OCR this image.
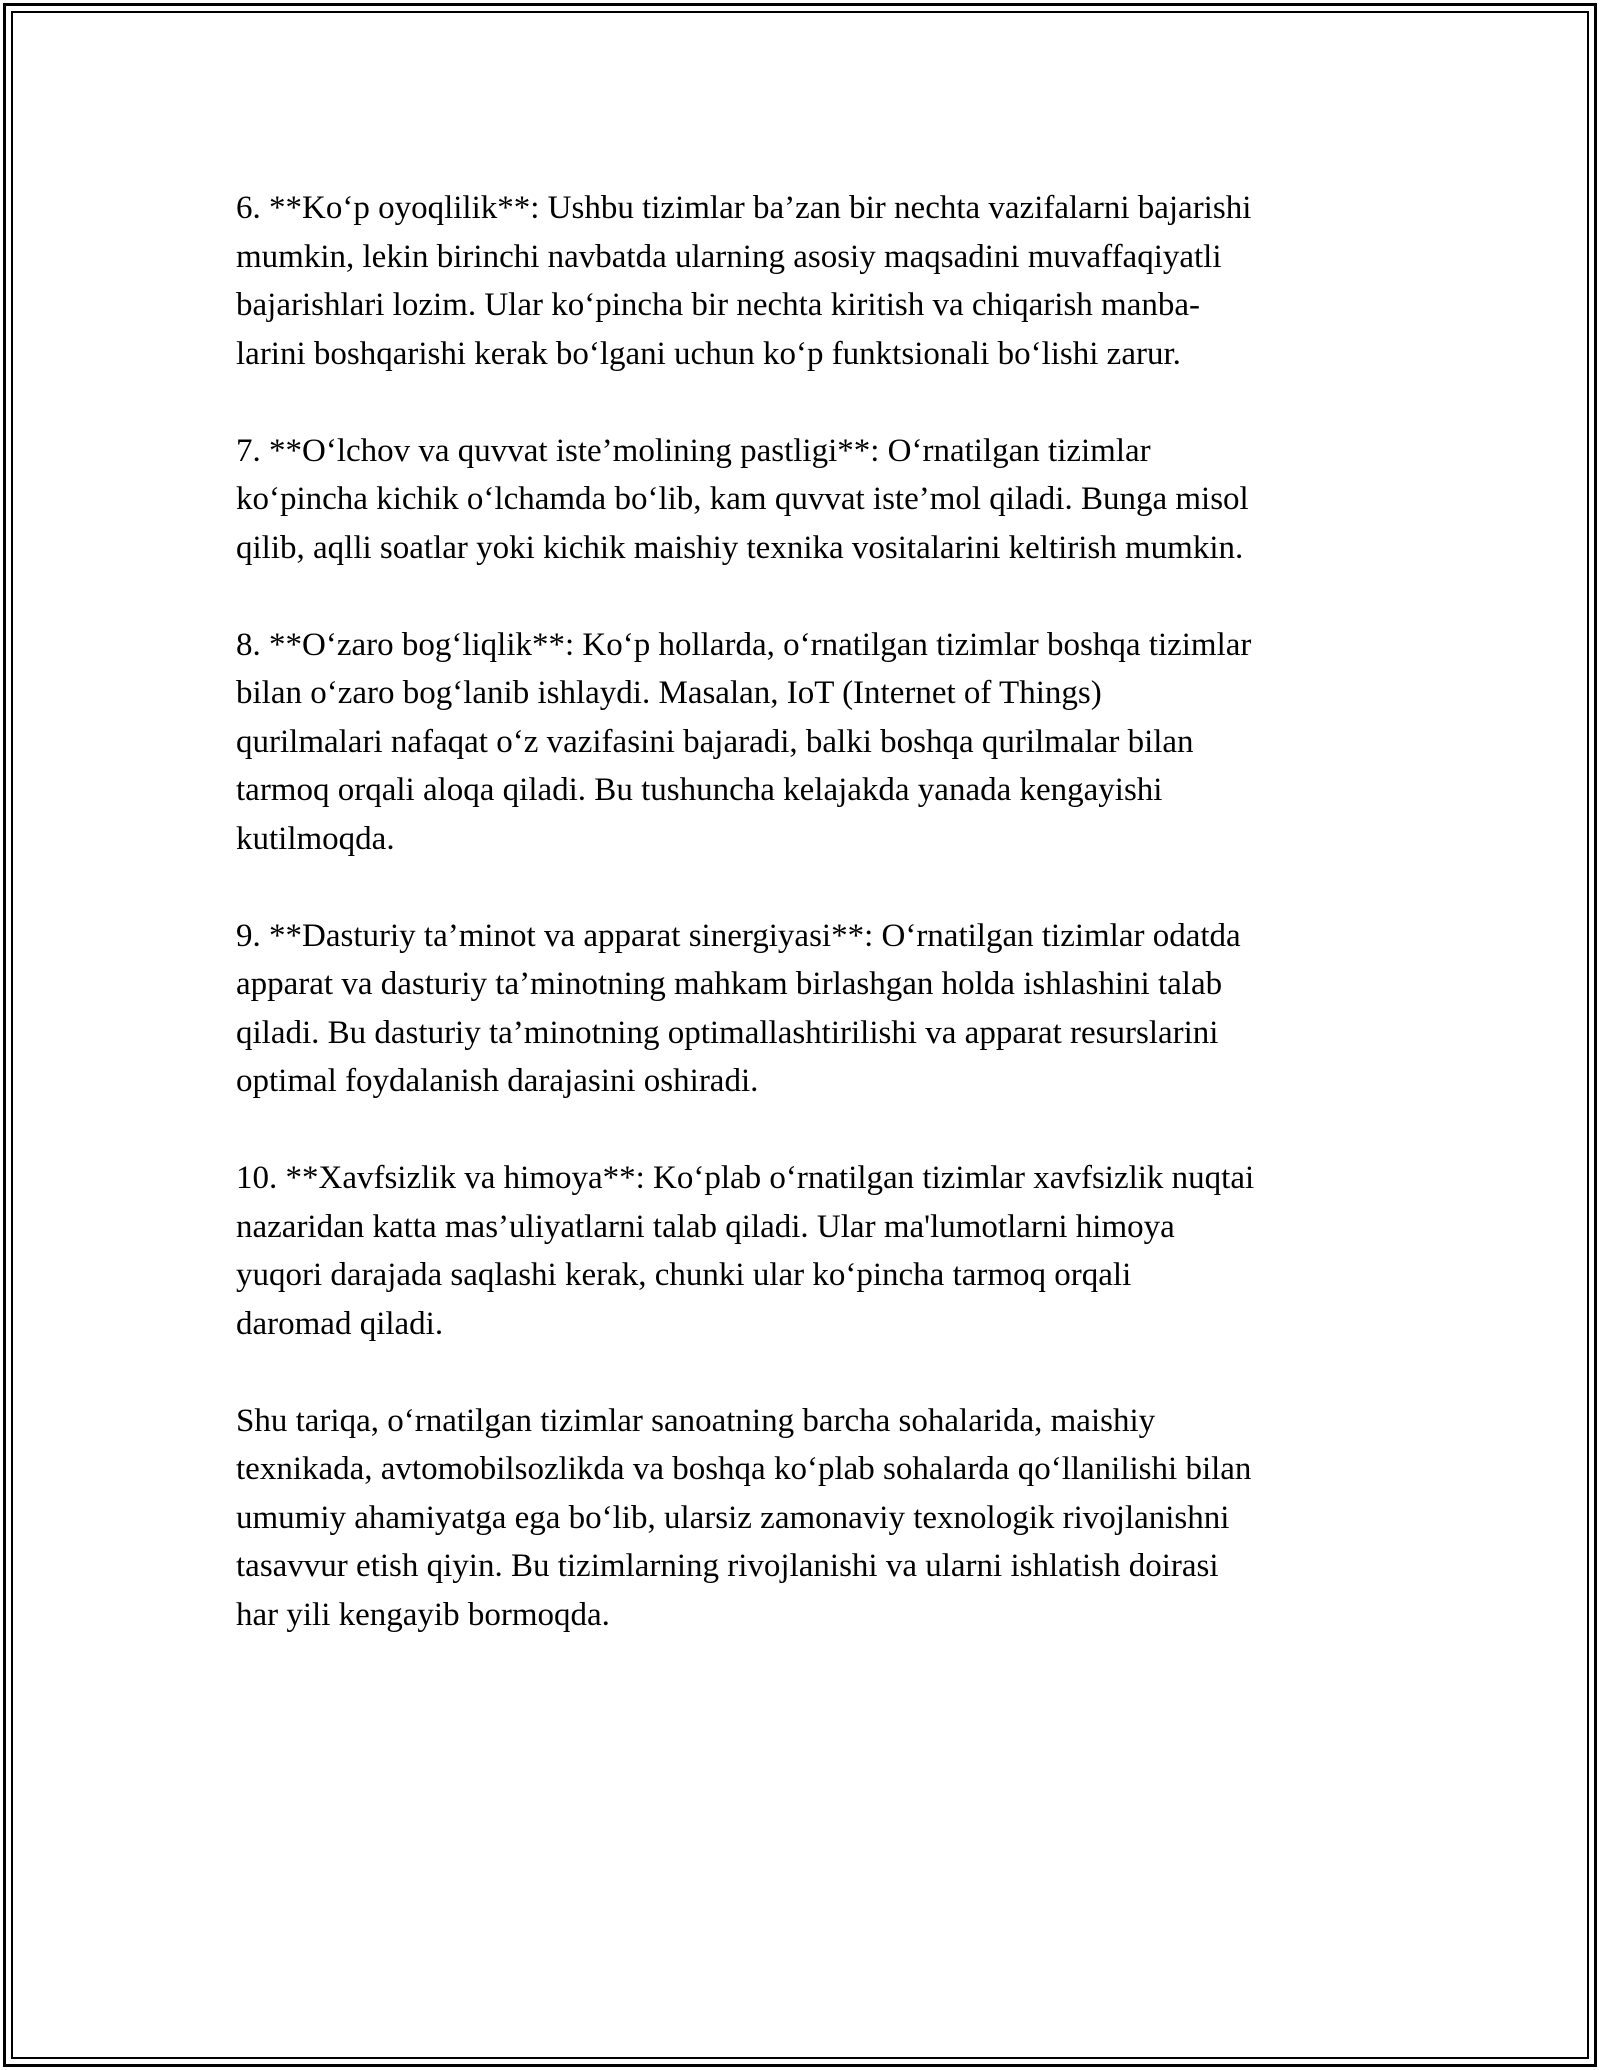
6. **Ko‘p oyoqlilik**: Ushbu tizimlar ba’zan bir nechta vazifalarni bajarishi
mumkin, lekin birinchi navbatda ularning asosiy maqsadini muvaffaqiyatli
bajarishlari lozim. Ular ko‘pincha bir nechta kiritish va chiqarish manba-
larini boshqarishi kerak bo‘lgani uchun ko‘p funktsionali bo‘lishi zarur.

7. **O‘lchov va quvvat iste’molining pastligi**: O‘rnatilgan tizimlar
ko‘pincha kichik o‘lchamda bo‘lib, kam quvvat iste’mol qiladi. Bunga misol
qilib, aqlli soatlar yoki kichik maishiy texnika vositalarini keltirish mumkin.

8. **O‘zaro bog‘liqlik**: Ko‘p hollarda, o‘rnatilgan tizimlar boshqa tizimlar
bilan o‘zaro bog‘lanib ishlaydi. Masalan, IoT (Internet of Things)
qurilmalari nafaqat o‘z vazifasini bajaradi, balki boshqa qurilmalar bilan
tarmoq orqali aloqa qiladi. Bu tushuncha kelajakda yanada kengayishi
kutilmoqda.

9. **Dasturiy ta’minot va apparat sinergiyasi**: O‘rnatilgan tizimlar odatda
apparat va dasturiy ta’minotning mahkam birlashgan holda ishlashini talab
qiladi. Bu dasturiy ta’minotning optimallashtirilishi va apparat resurslarini
optimal foydalanish darajasini oshiradi.

10. **Xavfsizlik va himoya**: Ko‘plab o‘rnatilgan tizimlar xavfsizlik nuqtai
nazaridan katta mas’uliyatlarni talab qiladi. Ular ma'lumotlarni himoya
yuqori darajada saqlashi kerak, chunki ular ko‘pincha tarmoq orqali
daromad qiladi.

Shu tariqa, o‘rnatilgan tizimlar sanoatning barcha sohalarida, maishiy
texnikada, avtomobilsozlikda va boshqa ko‘plab sohalarda qo‘llanilishi bilan
umumiy ahamiyatga ega bo‘lib, ularsiz zamonaviy texnologik rivojlanishni
tasavvur etish qiyin. Bu tizimlarning rivojlanishi va ularni ishlatish doirasi
har yili kengayib bormoqda.
